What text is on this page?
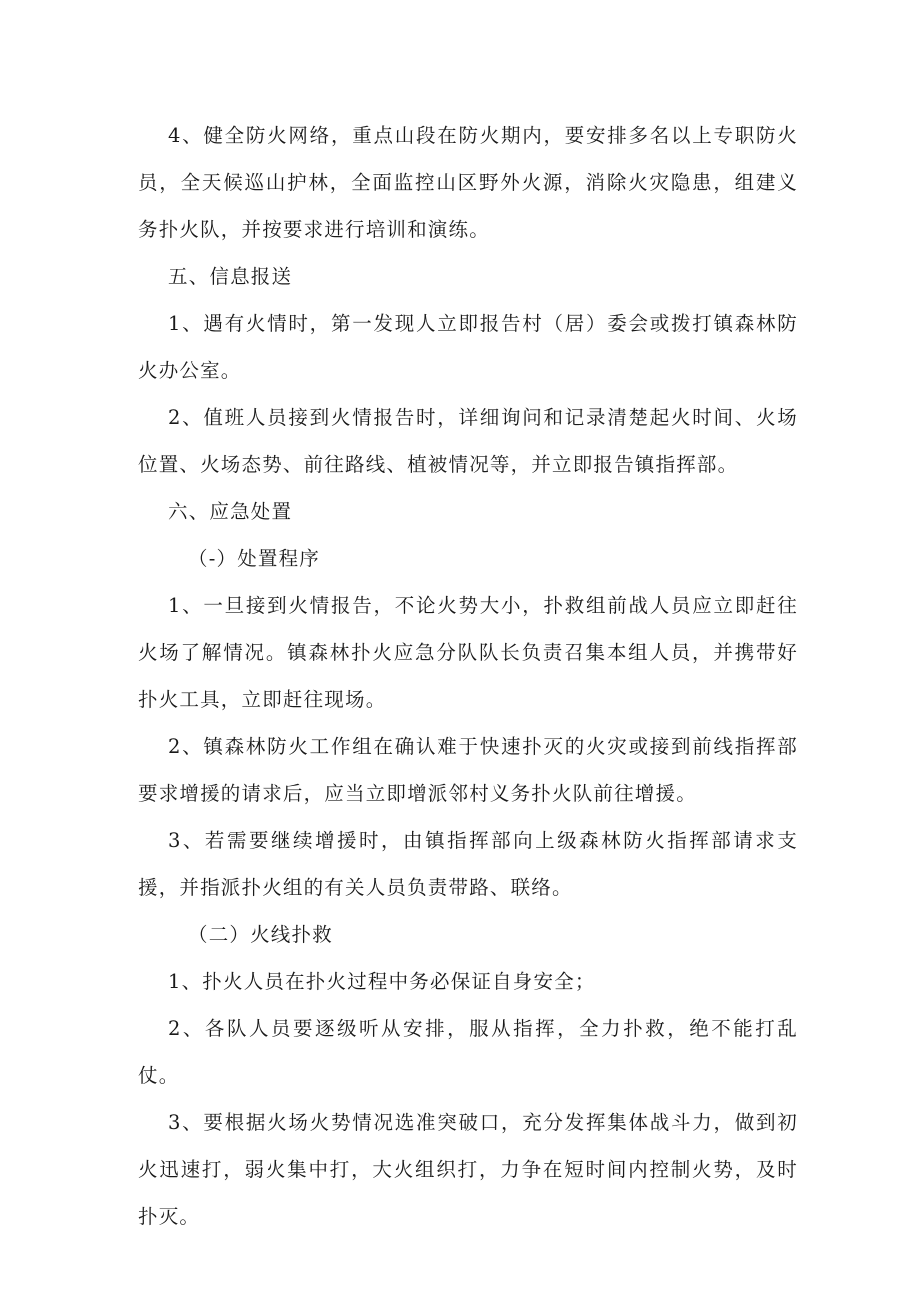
4、健全防火网络，重点山段在防火期内，要安排多名以上专职防火员，全天候巡山护林，全面监控山区野外火源，消除火灾隐患，组建义务扑火队，并按要求进行培训和演练。

五、信息报送

1、遇有火情时，第一发现人立即报告村（居）委会或拨打镇森林防火办公室。

2、值班人员接到火情报告时，详细询问和记录清楚起火时间、火场位置、火场态势、前往路线、植被情况等，并立即报告镇指挥部。

六、应急处置

（-）处置程序

1、一旦接到火情报告，不论火势大小，扑救组前战人员应立即赶往火场了解情况。镇森林扑火应急分队队长负责召集本组人员，并携带好扑火工具，立即赶往现场。

2、镇森林防火工作组在确认难于快速扑灭的火灾或接到前线指挥部要求增援的请求后，应当立即增派邻村义务扑火队前往增援。

3、若需要继续增援时，由镇指挥部向上级森林防火指挥部请求支援，并指派扑火组的有关人员负责带路、联络。

（二）火线扑救

1、扑火人员在扑火过程中务必保证自身安全；

2、各队人员要逐级听从安排，服从指挥，全力扑救，绝不能打乱仗。

3、要根据火场火势情况选准突破口，充分发挥集体战斗力，做到初火迅速打，弱火集中打，大火组织打，力争在短时间内控制火势，及时扑灭。
